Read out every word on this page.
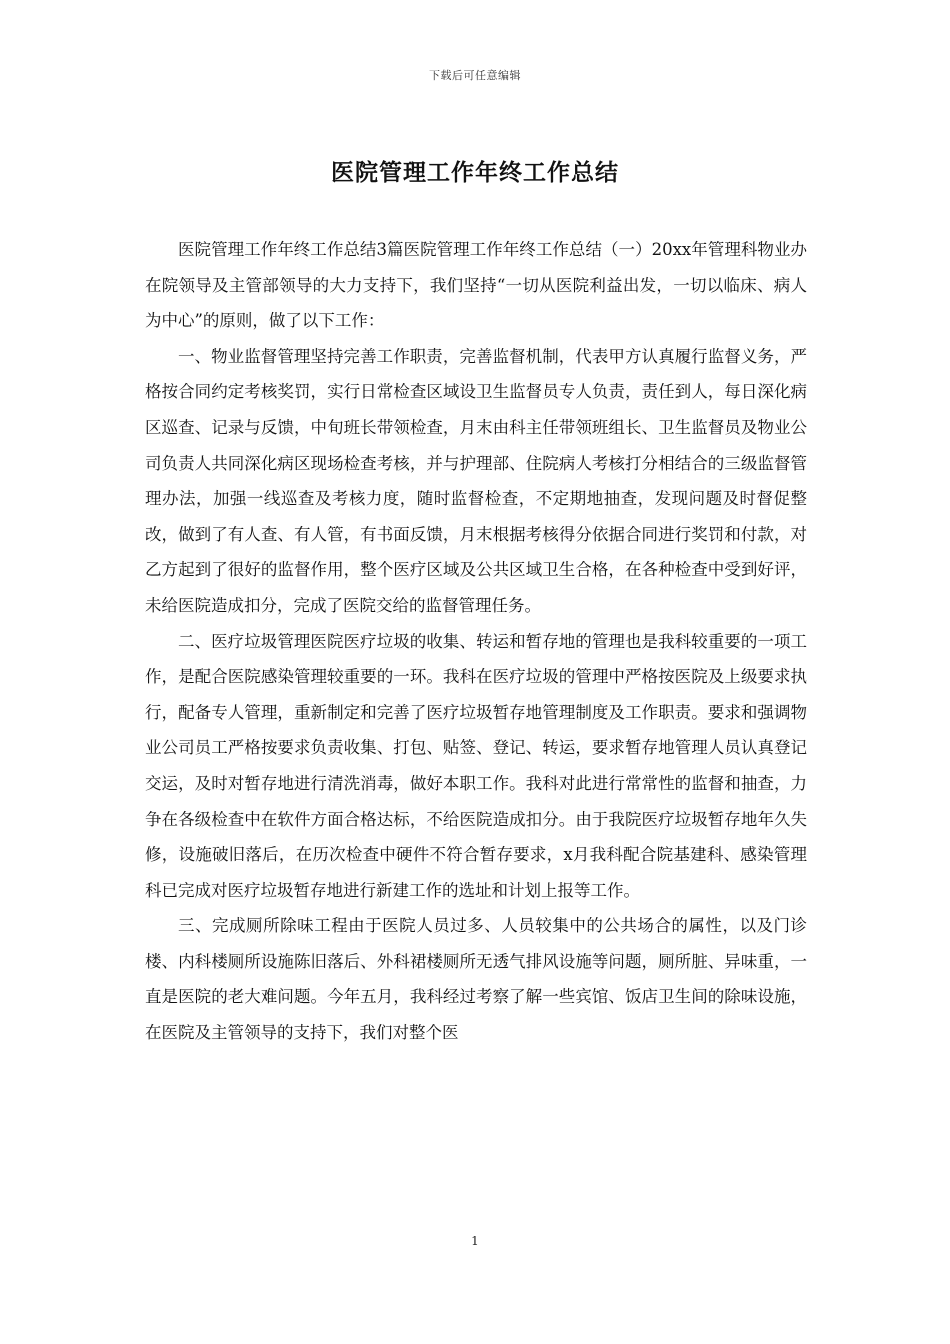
下载后可任意编辑
医院管理工作年终工作总结

医院管理工作年终工作总结3篇医院管理工作年终工作总结（一）20xx年管理科物业办在院领导及主管部领导的大力支持下，我们坚持“一切从医院利益出发，一切以临床、病人为中心”的原则，做了以下工作：

一、物业监督管理坚持完善工作职责，完善监督机制，代表甲方认真履行监督义务，严格按合同约定考核奖罚，实行日常检查区域设卫生监督员专人负责，责任到人，每日深化病区巡查、记录与反馈，中旬班长带领检查，月末由科主任带领班组长、卫生监督员及物业公司负责人共同深化病区现场检查考核，并与护理部、住院病人考核打分相结合的三级监督管理办法，加强一线巡查及考核力度，随时监督检查，不定期地抽查，发现问题及时督促整改，做到了有人查、有人管，有书面反馈，月末根据考核得分依据合同进行奖罚和付款，对乙方起到了很好的监督作用，整个医疗区域及公共区域卫生合格，在各种检查中受到好评，未给医院造成扣分，完成了医院交给的监督管理任务。

二、医疗垃圾管理医院医疗垃圾的收集、转运和暂存地的管理也是我科较重要的一项工作，是配合医院感染管理较重要的一环。我科在医疗垃圾的管理中严格按医院及上级要求执行，配备专人管理，重新制定和完善了医疗垃圾暂存地管理制度及工作职责。要求和强调物业公司员工严格按要求负责收集、打包、贴签、登记、转运，要求暂存地管理人员认真登记交运，及时对暂存地进行清洗消毒，做好本职工作。我科对此进行常常性的监督和抽查，力争在各级检查中在软件方面合格达标，不给医院造成扣分。由于我院医疗垃圾暂存地年久失修，设施破旧落后，在历次检查中硬件不符合暂存要求，x月我科配合院基建科、感染管理科已完成对医疗垃圾暂存地进行新建工作的选址和计划上报等工作。

三、完成厕所除味工程由于医院人员过多、人员较集中的公共场合的属性，以及门诊楼、内科楼厕所设施陈旧落后、外科裙楼厕所无透气排风设施等问题，厕所脏、异味重，一直是医院的老大难问题。今年五月，我科经过考察了解一些宾馆、饭店卫生间的除味设施，在医院及主管领导的支持下，我们对整个医

1
